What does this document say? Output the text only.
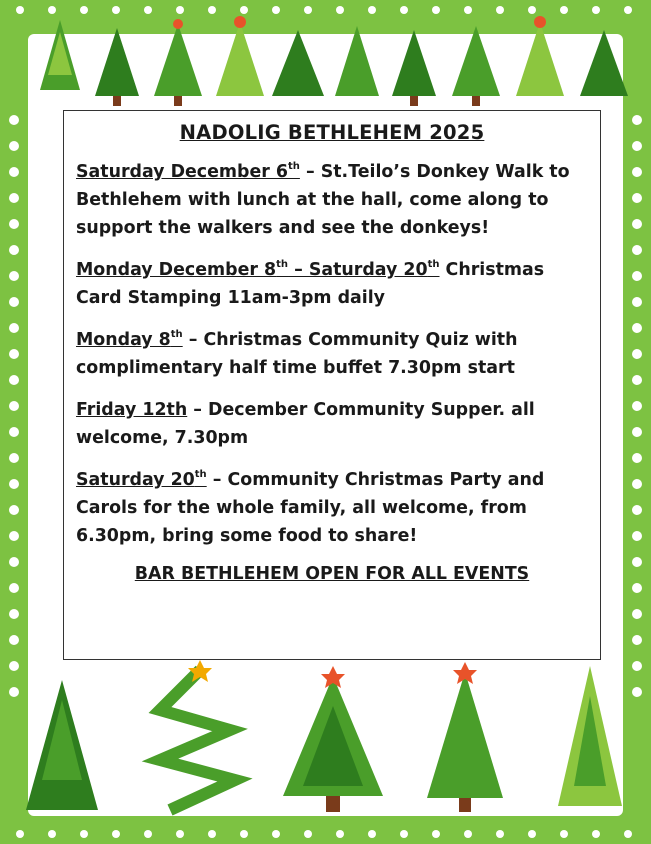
NADOLIG BETHLEHEM 2025
Saturday December 6th – St.Teilo’s Donkey Walk to Bethlehem with lunch at the hall, come along to support the walkers and see the donkeys!
Monday December 8th – Saturday 20th Christmas Card Stamping 11am-3pm daily
Monday 8th – Christmas Community Quiz with complimentary half time buffet 7.30pm start
Friday 12th – December Community Supper. all welcome, 7.30pm
Saturday 20th – Community Christmas Party and Carols for the whole family, all welcome, from 6.30pm, bring some food to share!
BAR BETHLEHEM OPEN FOR ALL EVENTS
